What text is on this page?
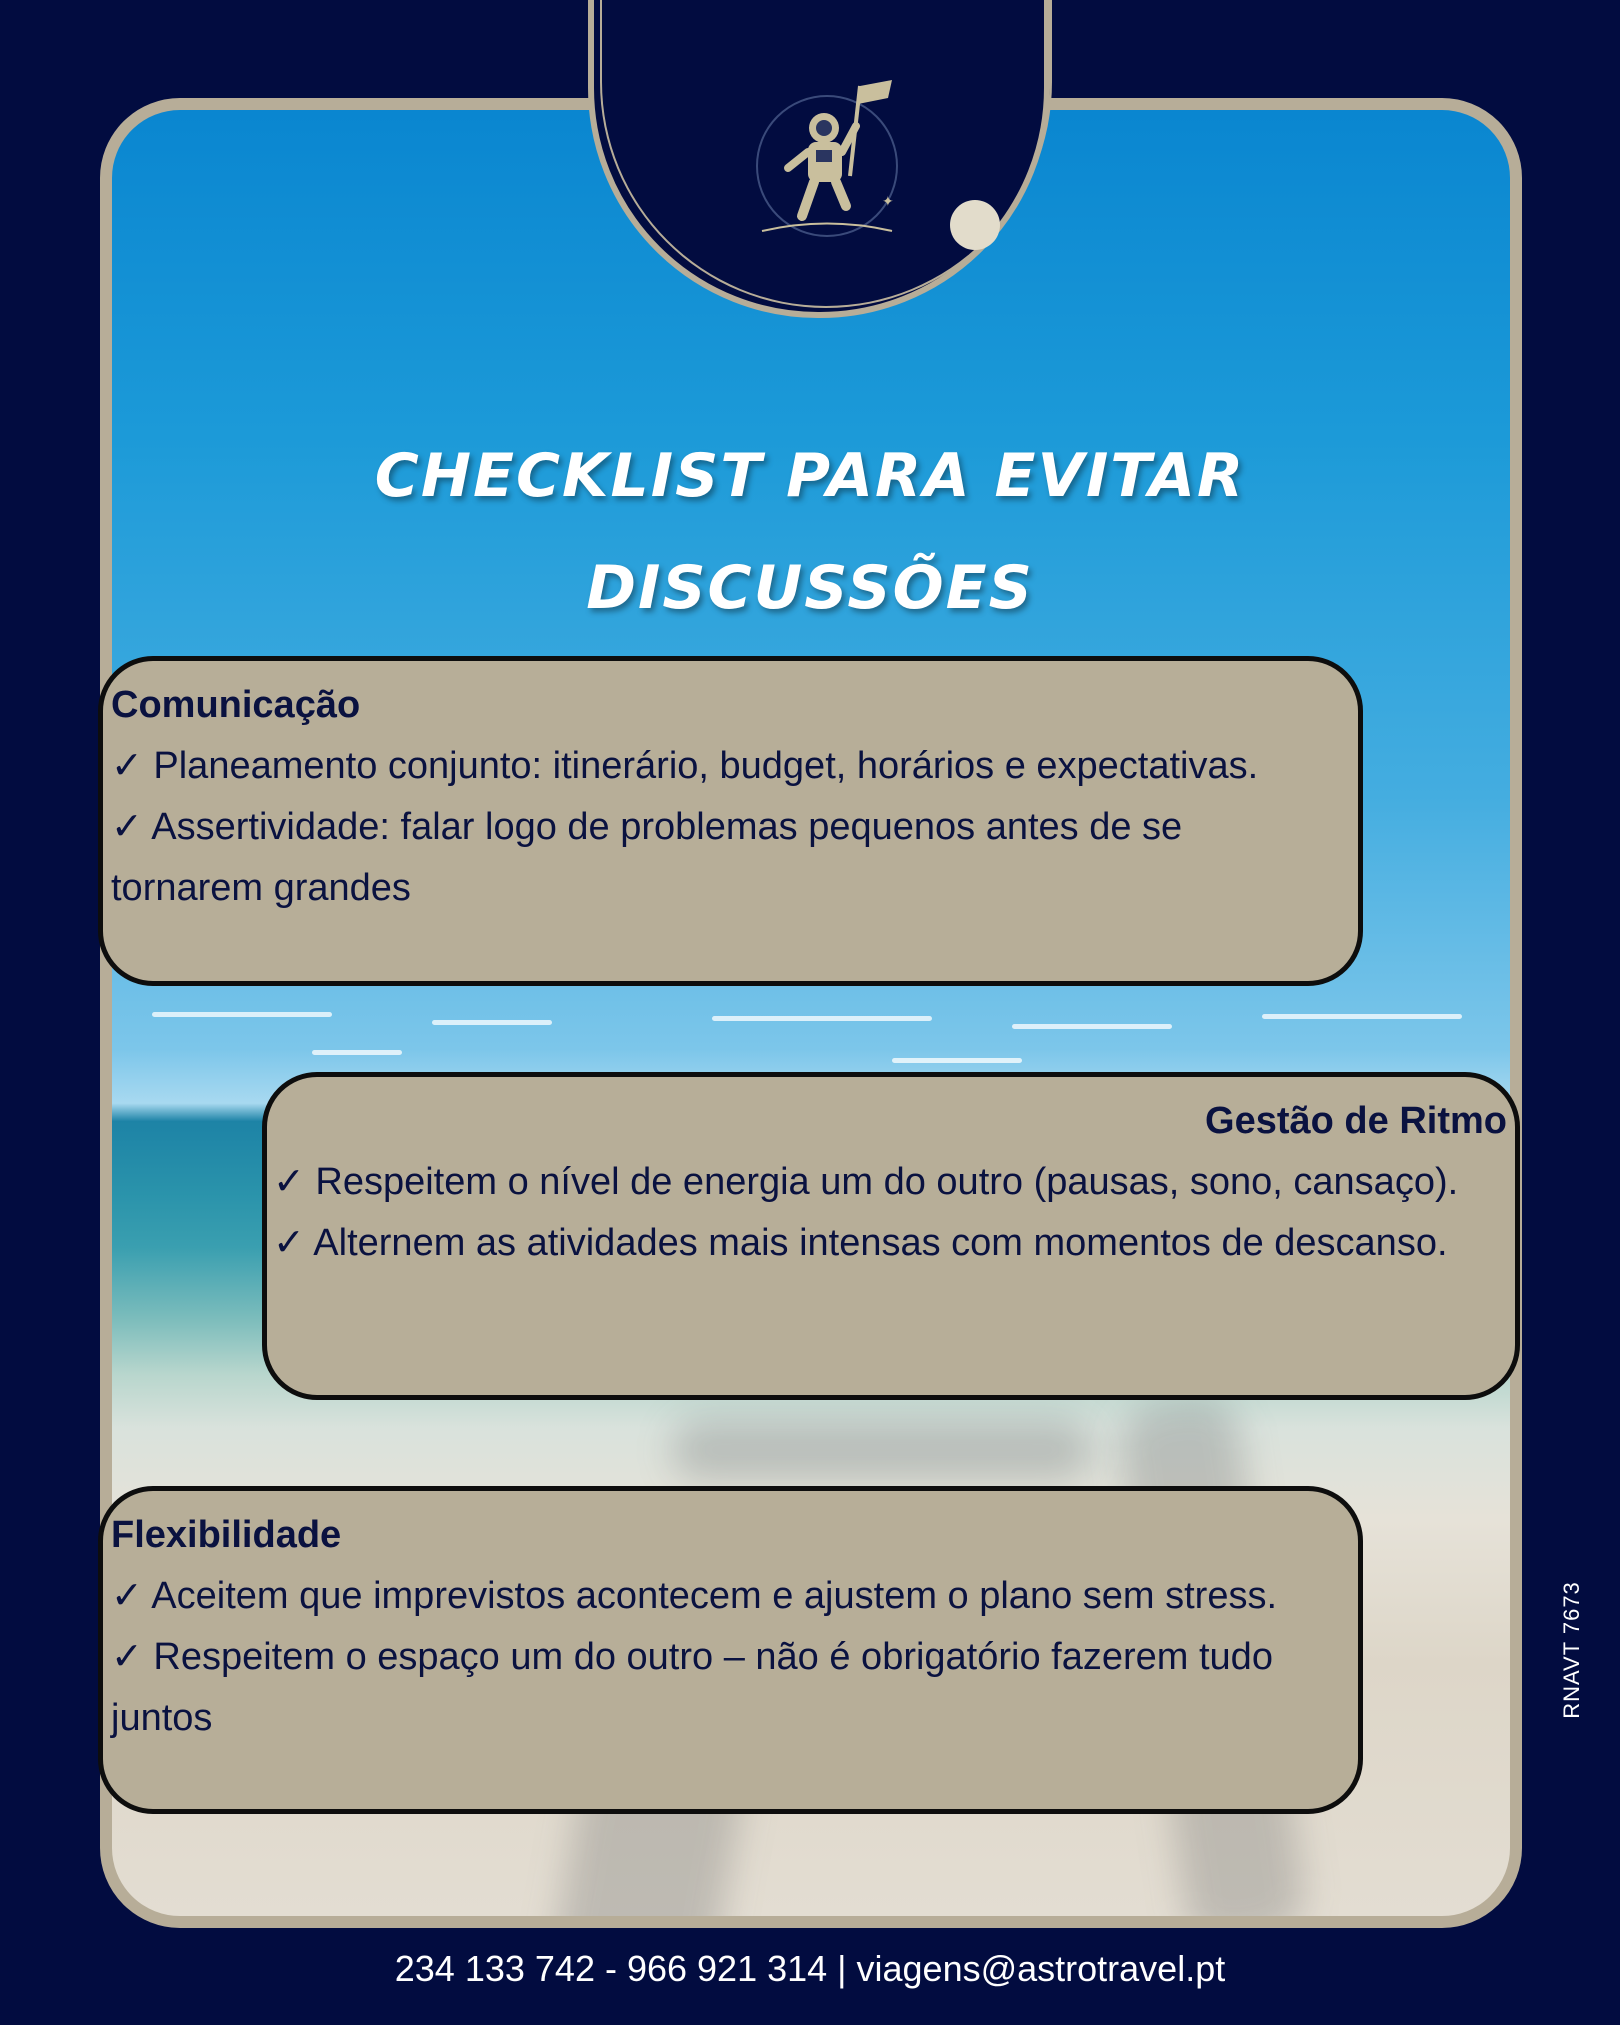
✦
CHECKLIST PARA EVITAR DISCUSSÕES
Comunicação

✓ Planeamento conjunto: itinerário, budget, horários e expectativas.

✓ Assertividade: falar logo de problemas pequenos antes de se tornarem grandes

Gestão de Ritmo

✓ Respeitem o nível de energia um do outro (pausas, sono, cansaço).

✓ Alternem as atividades mais intensas com momentos de descanso.

Flexibilidade

✓ Aceitem que imprevistos acontecem e ajustem o plano sem stress.

✓ Respeitem o espaço um do outro – não é obrigatório fazerem tudo juntos	RNAVT 7673
234 133 742 - 966 921 314 | viagens@astrotravel.pt
